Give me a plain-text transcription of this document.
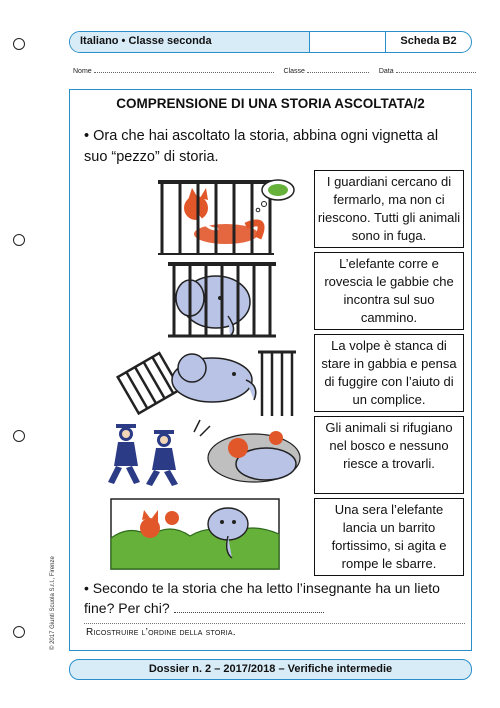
Italiano • Classe seconda	Scheda B2
Nome	Classe	Data
COMPRENSIONE DI UNA STORIA ASCOLTATA/2
• Ora che hai ascoltato la storia, abbina ogni vignetta al suo “pezzo” di storia.
I guardiani cercano di fermarlo, ma non ci riescono. Tutti gli animali sono in fuga.
L’elefante corre e rovescia le gabbie che incontra sul suo cammino.
La volpe è stanca di stare in gabbia e pensa di fuggire con l’aiuto di un complice.
Gli animali si rifugiano nel bosco e nessuno riesce a trovarli.
Una sera l’elefante lancia un barrito fortissimo, si agita e rompe le sbarre.
• Secondo te la storia che ha letto l’insegnante ha un lieto fine? Per chi?
Ricostruire l’ordine della storia.
© 2017 Giunti Scuola S.r.l., Firenze
Dossier n. 2 – 2017/2018 – Verifiche intermedie
